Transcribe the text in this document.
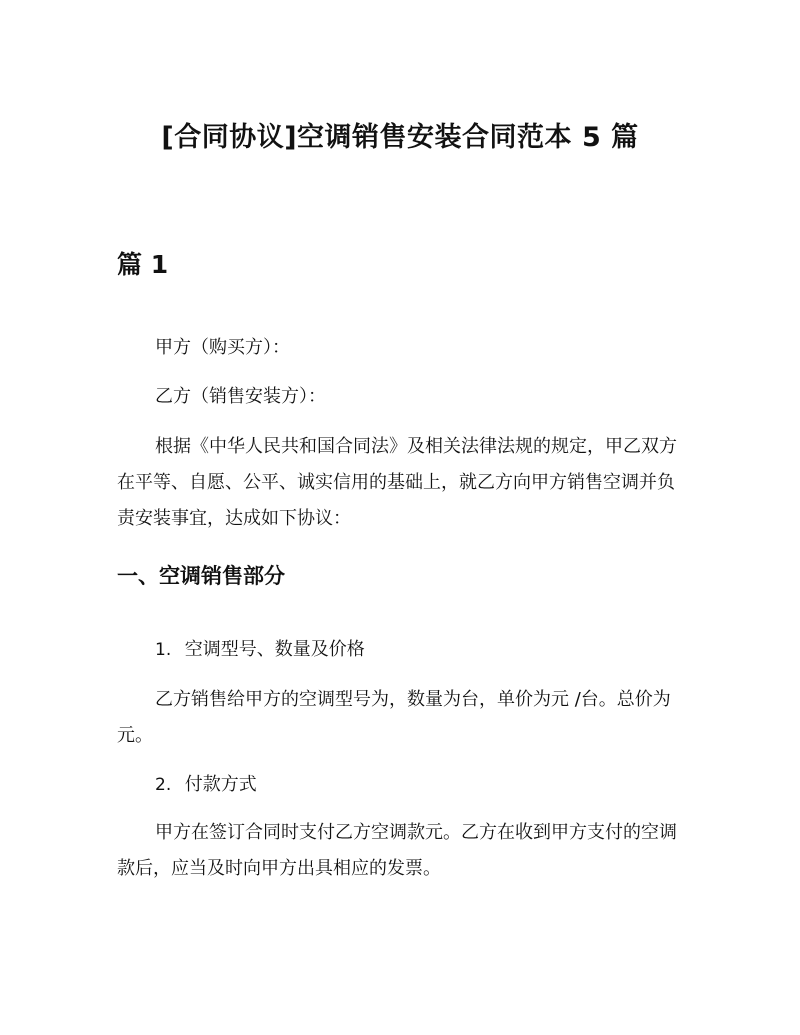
[合同协议]空调销售安装合同范本 5 篇
篇 1
甲方（购买方）：
乙方（销售安装方）：
根据《中华人民共和国合同法》及相关法律法规的规定，甲乙双方在平等、自愿、公平、诚实信用的基础上，就乙方向甲方销售空调并负责安装事宜，达成如下协议：
一、空调销售部分
1. 空调型号、数量及价格
乙方销售给甲方的空调型号为，数量为台，单价为元 /台。总价为元。
2. 付款方式
甲方在签订合同时支付乙方空调款元。乙方在收到甲方支付的空调款后，应当及时向甲方出具相应的发票。
